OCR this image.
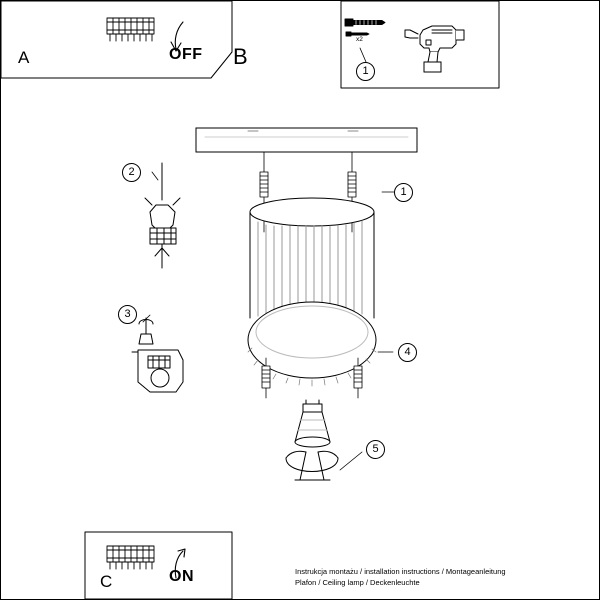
A	OFF B
x2
C	ON
1
1
2
3
4
5
Instrukcja montażu / installation instructions / Montageanleitung
Plafon / Ceiling lamp / Deckenleuchte
